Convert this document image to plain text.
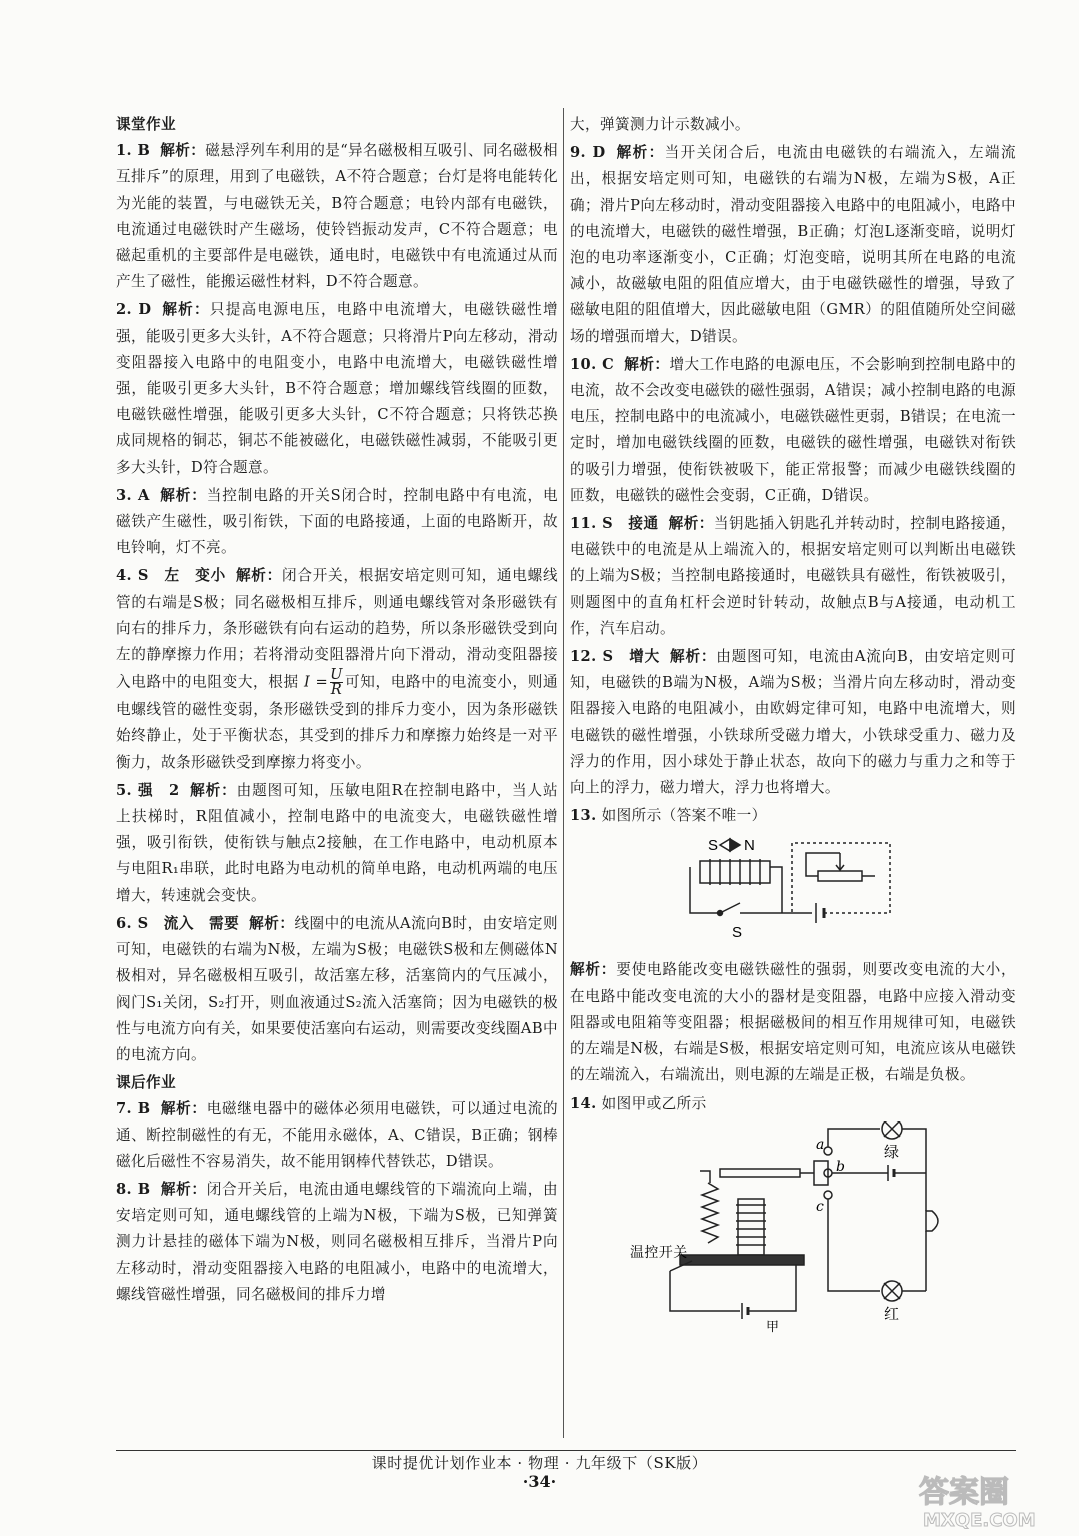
课堂作业

1. B 解析：磁悬浮列车利用的是“异名磁极相互吸引、同名磁极相互排斥”的原理，用到了电磁铁，A不符合题意；台灯是将电能转化为光能的装置，与电磁铁无关，B符合题意；电铃内部有电磁铁，电流通过电磁铁时产生磁场，使铃铛振动发声，C不符合题意；电磁起重机的主要部件是电磁铁，通电时，电磁铁中有电流通过从而产生了磁性，能搬运磁性材料，D不符合题意。

2. D 解析：只提高电源电压，电路中电流增大，电磁铁磁性增强，能吸引更多大头针，A不符合题意；只将滑片P向左移动，滑动变阻器接入电路中的电阻变小，电路中电流增大，电磁铁磁性增强，能吸引更多大头针，B不符合题意；增加螺线管线圈的匝数，电磁铁磁性增强，能吸引更多大头针，C不符合题意；只将铁芯换成同规格的铜芯，铜芯不能被磁化，电磁铁磁性减弱，不能吸引更多大头针，D符合题意。

3. A 解析：当控制电路的开关S闭合时，控制电路中有电流，电磁铁产生磁性，吸引衔铁，下面的电路接通，上面的电路断开，故电铃响，灯不亮。

4. S　左　变小 解析：闭合开关，根据安培定则可知，通电螺线管的右端是S极；同名磁极相互排斥，则通电螺线管对条形磁铁有向右的排斥力，条形磁铁有向右运动的趋势，所以条形磁铁受到向左的静摩擦力作用；若将滑动变阻器滑片向下滑动，滑动变阻器接入电路中的电阻变大，根据 $I = \frac{U}{R}$ 可知，电路中的电流变小，则通电螺线管的磁性变弱，条形磁铁受到的排斥力变小，因为条形磁铁始终静止，处于平衡状态，其受到的排斥力和摩擦力始终是一对平衡力，故条形磁铁受到摩擦力将变小。

5. 强　2 解析：由题图可知，压敏电阻R在控制电路中，当人站上扶梯时，R阻值减小，控制电路中的电流变大，电磁铁磁性增强，吸引衔铁，使衔铁与触点2接触，在工作电路中，电动机原本与电阻R₁串联，此时电路为电动机的简单电路，电动机两端的电压增大，转速就会变快。

6. S　流入　需要 解析：线圈中的电流从A流向B时，由安培定则可知，电磁铁的右端为N极，左端为S极；电磁铁S极和左侧磁体N极相对，异名磁极相互吸引，故活塞左移，活塞筒内的气压减小，阀门S₁关闭，S₂打开，则血液通过S₂流入活塞筒；因为电磁铁的极性与电流方向有关，如果要使活塞向右运动，则需要改变线圈AB中的电流方向。

课后作业

7. B 解析：电磁继电器中的磁体必须用电磁铁，可以通过电流的通、断控制磁性的有无，不能用永磁体，A、C错误，B正确；钢棒磁化后磁性不容易消失，故不能用钢棒代替铁芯，D错误。

8. B 解析：闭合开关后，电流由通电螺线管的下端流向上端，由安培定则可知，通电螺线管的上端为N极，下端为S极，已知弹簧测力计悬挂的磁体下端为N极，则同名磁极相互排斥，当滑片P向左移动时，滑动变阻器接入电路的电阻减小，电路中的电流增大，螺线管磁性增强，同名磁极间的排斥力增

大，弹簧测力计示数减小。

9. D 解析：当开关闭合后，电流由电磁铁的右端流入，左端流出，根据安培定则可知，电磁铁的右端为N极，左端为S极，A正确；滑片P向左移动时，滑动变阻器接入电路中的电阻减小，电路中的电流增大，电磁铁的磁性增强，B正确；灯泡L逐渐变暗，说明灯泡的电功率逐渐变小，C正确；灯泡变暗，说明其所在电路的电流减小，故磁敏电阻的阻值应增大，由于电磁铁磁性的增强，导致了磁敏电阻的阻值增大，因此磁敏电阻（GMR）的阻值随所处空间磁场的增强而增大，D错误。

10. C 解析：增大工作电路的电源电压，不会影响到控制电路中的电流，故不会改变电磁铁的磁性强弱，A错误；减小控制电路的电源电压，控制电路中的电流减小，电磁铁磁性更弱，B错误；在电流一定时，增加电磁铁线圈的匝数，电磁铁的磁性增强，电磁铁对衔铁的吸引力增强，使衔铁被吸下，能正常报警；而减少电磁铁线圈的匝数，电磁铁的磁性会变弱，C正确，D错误。

11. S　接通 解析：当钥匙插入钥匙孔并转动时，控制电路接通，电磁铁中的电流是从上端流入的，根据安培定则可以判断出电磁铁的上端为S极；当控制电路接通时，电磁铁具有磁性，衔铁被吸引，则题图中的直角杠杆会逆时针转动，故触点B与A接通，电动机工作，汽车启动。

12. S　增大 解析：由题图可知，电流由A流向B，由安培定则可知，电磁铁的B端为N极，A端为S极；当滑片向左移动时，滑动变阻器接入电路的电阻减小，由欧姆定律可知，电路中电流增大，则电磁铁的磁性增强，小铁球所受磁力增大，小铁球受重力、磁力及浮力的作用，因小球处于静止状态，故向下的磁力与重力之和等于向上的浮力，磁力增大，浮力也将增大。

13. 如图所示（答案不唯一）

S N
S

解析：要使电路能改变电磁铁磁性的强弱，则要改变电流的大小，在电路中能改变电流的大小的器材是变阻器，电路中应接入滑动变阻器或电阻箱等变阻器；根据磁极间的相互作用规律可知，电磁铁的左端是N极，右端是S极，根据安培定则可知，电流应该从电磁铁的左端流入，右端流出，则电源的左端是正极，右端是负极。

14. 如图甲或乙所示

a
b
c
绿
红
温控开关
甲
课时提优计划作业本 · 物理 · 九年级下（SK版）
·34·	答案圈
MXQE.COM
